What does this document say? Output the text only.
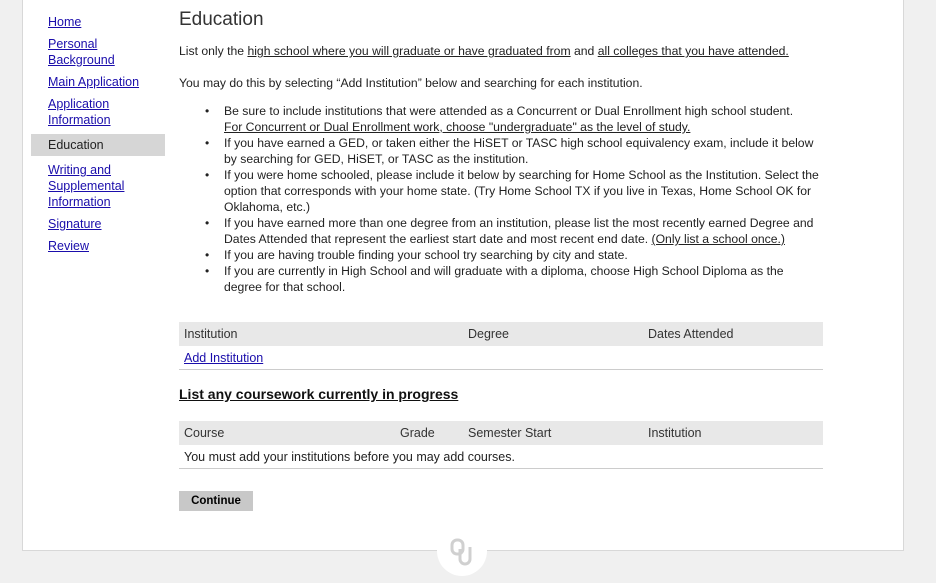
Home
Personal Background
Main Application
Application Information
Education
Writing and Supplemental Information
Signature
Review
Education
List only the high school where you will graduate or have graduated from and all colleges that you have attended.
You may do this by selecting “Add Institution” below and searching for each institution.
• Be sure to include institutions that were attended as a Concurrent or Dual Enrollment high school student.
For Concurrent or Dual Enrollment work, choose "undergraduate" as the level of study.
• If you have earned a GED, or taken either the HiSET or TASC high school equivalency exam, include it below by searching for GED, HiSET, or TASC as the institution.
• If you were home schooled, please include it below by searching for Home School as the Institution. Select the option that corresponds with your home state. (Try Home School TX if you live in Texas, Home School OK for Oklahoma, etc.)
• If you have earned more than one degree from an institution, please list the most recently earned Degree and Dates Attended that represent the earliest start date and most recent end date. (Only list a school once.)
• If you are having trouble finding your school try searching by city and state.
• If you are currently in High School and will graduate with a diploma, choose High School Diploma as the degree for that school.
Institution	Degree	Dates Attended
Add Institution
List any coursework currently in progress
Course	Grade	Semester Start	Institution
You must add your institutions before you may add courses.
Continue
